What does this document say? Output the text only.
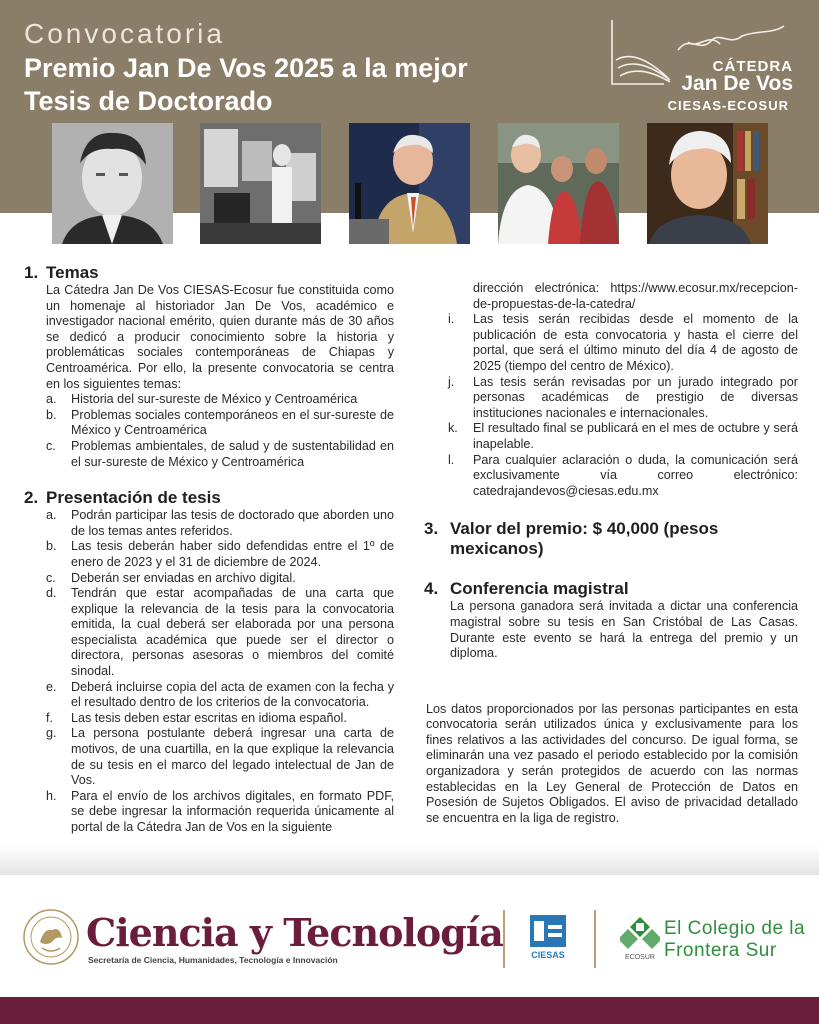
Convocatoria
Premio Jan De Vos 2025 a la mejor
Tesis de Doctorado
CÁTEDRA
Jan De Vos
CIESAS-ECOSUR
1. Temas

La Cátedra Jan De Vos CIESAS-Ecosur fue constituida como un homenaje al historiador Jan De Vos, académico e investigador nacional emérito, quien durante más de 30 años se dedicó a producir conocimiento sobre la historia y problemáticas sociales contemporáneas de Chiapas y Centroamérica. Por ello, la presente convocatoria se centra en los siguientes temas:

a. Historia del sur-sureste de México y Centroamérica
b. Problemas sociales contemporáneos en el sur-sureste de México y Centroamérica
c. Problemas ambientales, de salud y de sustentabilidad en el sur-sureste de México y Centroamérica
2. Presentación de tesis
a. Podrán participar las tesis de doctorado que aborden uno de los temas antes referidos.
b. Las tesis deberán haber sido defendidas entre el 1º de enero de 2023 y el 31 de diciembre de 2024.
c. Deberán ser enviadas en archivo digital.
d. Tendrán que estar acompañadas de una carta que explique la relevancia de la tesis para la convocatoria emitida, la cual deberá ser elaborada por una persona especialista académica que puede ser el director o directora, personas asesoras o miembros del comité sinodal.
e. Deberá incluirse copia del acta de examen con la fecha y el resultado dentro de los criterios de la convocatoria.
f. Las tesis deben estar escritas en idioma español.
g. La persona postulante deberá ingresar una carta de motivos, de una cuartilla, en la que explique la relevancia de su tesis en el marco del legado intelectual de Jan de Vos.
h. Para el envío de los archivos digitales, en formato PDF, se debe ingresar la información requerida únicamente al portal de la Cátedra Jan de Vos en la siguiente

dirección electrónica: https://www.ecosur.mx/recepcion-de-propuestas-de-la-catedra/

i. Las tesis serán recibidas desde el momento de la publicación de esta convocatoria y hasta el cierre del portal, que será el último minuto del día 4 de agosto de 2025 (tiempo del centro de México).
j. Las tesis serán revisadas por un jurado integrado por personas académicas de prestigio de diversas instituciones nacionales e internacionales.
k. El resultado final se publicará en el mes de octubre y será inapelable.
l. Para cualquier aclaración o duda, la comunicación será exclusivamente vía correo electrónico: catedrajandevos@ciesas.edu.mx
3. Valor del premio: $ 40,000 (pesos mexicanos)
4. Conferencia magistral

La persona ganadora será invitada a dictar una conferencia magistral sobre su tesis en San Cristóbal de Las Casas. Durante este evento se hará la entrega del premio y un diploma.

Los datos proporcionados por las personas participantes en esta convocatoria serán utilizados única y exclusivamente para los fines relativos a las actividades del concurso. De igual forma, se eliminarán una vez pasado el periodo establecido por la comisión organizadora y serán protegidos de acuerdo con las normas establecidas en la Ley General de Protección de Datos en Posesión de Sujetos Obligados. El aviso de privacidad detallado se encuentra en la liga de registro.

Ciencia y Tecnología
Secretaría de Ciencia, Humanidades, Tecnología e Innovación	CIESAS	ECOSUR
El Colegio de la
Frontera Sur
